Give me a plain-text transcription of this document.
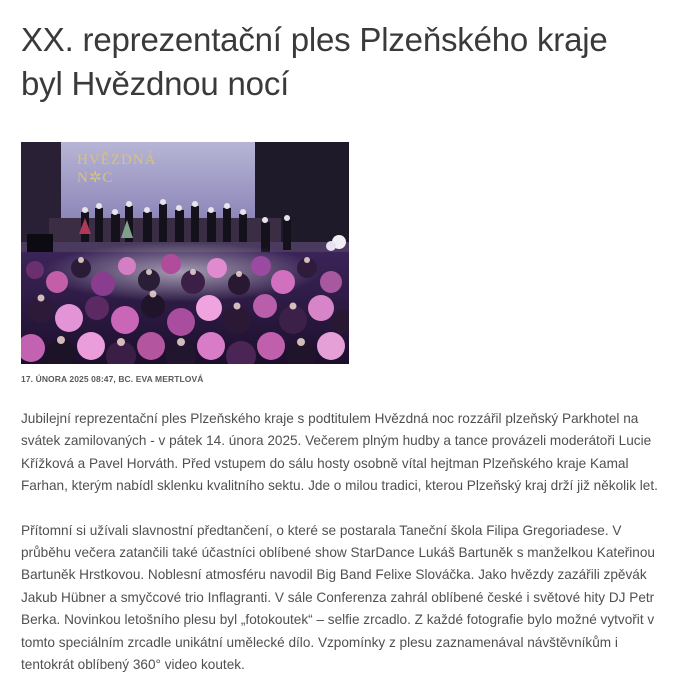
XX. reprezentační ples Plzeňského kraje
byl Hvězdnou nocí
HVĚZDNÁ
N✲C
17. ÚNORA 2025 08:47, BC. EVA MERTLOVÁ

Jubilejní reprezentační ples Plzeňského kraje s podtitulem Hvězdná noc rozzářil plzeňský Parkhotel na
svátek zamilovaných - v pátek 14. února 2025. Večerem plným hudby a tance provázeli moderátoři Lucie
Křížková a Pavel Horváth. Před vstupem do sálu hosty osobně vítal hejtman Plzeňského kraje Kamal
Farhan, kterým nabídl sklenku kvalitního sektu. Jde o milou tradici, kterou Plzeňský kraj drží již několik let.

Přítomní si užívali slavnostní předtančení, o které se postarala Taneční škola Filipa Gregoriadese. V
průběhu večera zatančili také účastníci oblíbené show StarDance Lukáš Bartuněk s manželkou Kateřinou
Bartuněk Hrstkovou. Noblesní atmosféru navodil Big Band Felixe Slováčka. Jako hvězdy zazářili zpěvák
Jakub Hübner a smyčcové trio Inflagranti. V sále Conferenza zahrál oblíbené české i světové hity DJ Petr
Berka. Novinkou letošního plesu byl „fotokoutek“ – selfie zrcadlo. Z každé fotografie bylo možné vytvořit v
tomto speciálním zrcadle unikátní umělecké dílo. Vzpomínky z plesu zaznamenával návštěvníkům i
tentokrát oblíbený 360° video koutek.
